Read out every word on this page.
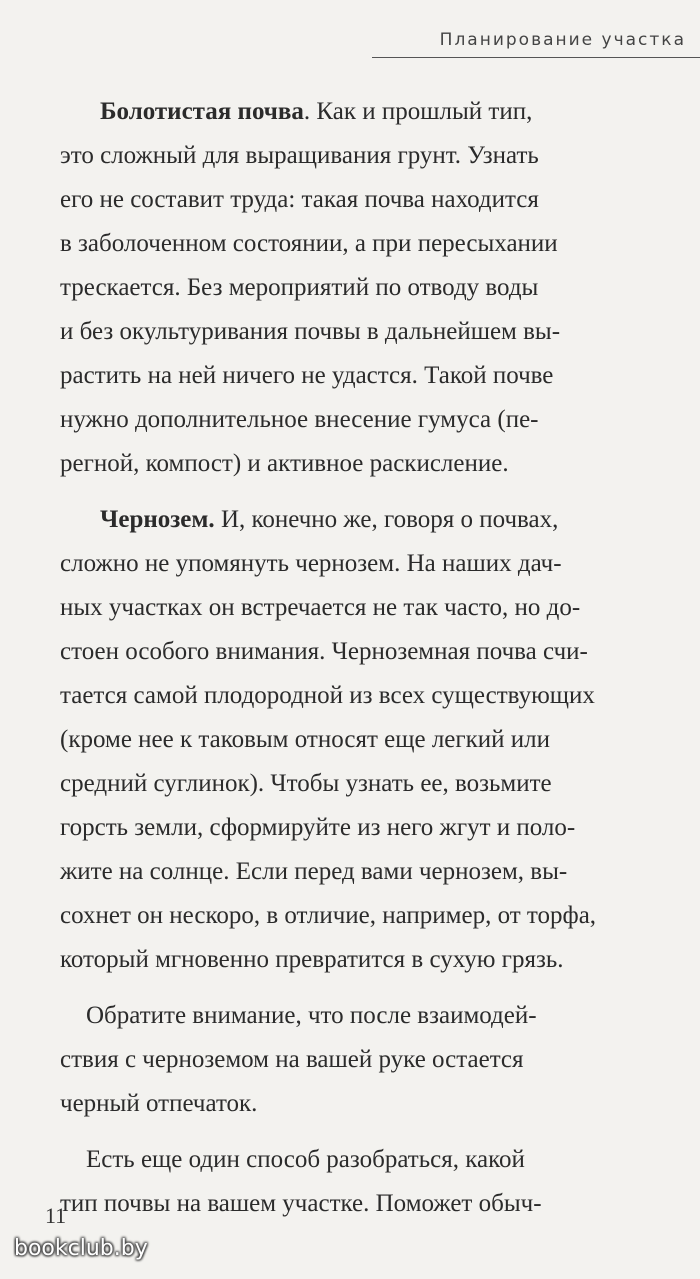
Планирование участка

Болотистая почва. Как и прошлый тип,
это сложный для выращивания грунт. Узнать
его не составит труда: такая почва находится
в заболоченном состоянии, а при пересыхании
трескается. Без мероприятий по отводу воды
и без окультуривания почвы в дальнейшем вы-
растить на ней ничего не удастся. Такой почве
нужно дополнительное внесение гумуса (пе-
регной, компост) и активное раскисление.

Чернозем. И, конечно же, говоря о почвах,
сложно не упомянуть чернозем. На наших дач-
ных участках он встречается не так часто, но до-
стоен особого внимания. Черноземная почва счи-
тается самой плодородной из всех существующих
(кроме нее к таковым относят еще легкий или
средний суглинок). Чтобы узнать ее, возьмите
горсть земли, сформируйте из него жгут и поло-
жите на солнце. Если перед вами чернозем, вы-
сохнет он нескоро, в отличие, например, от торфа,
который мгновенно превратится в сухую грязь.

Обратите внимание, что после взаимодей-
ствия с черноземом на вашей руке остается
черный отпечаток.

Есть еще один способ разобраться, какой
тип почвы на вашем участке. Поможет обыч-

11
bookclub.by
